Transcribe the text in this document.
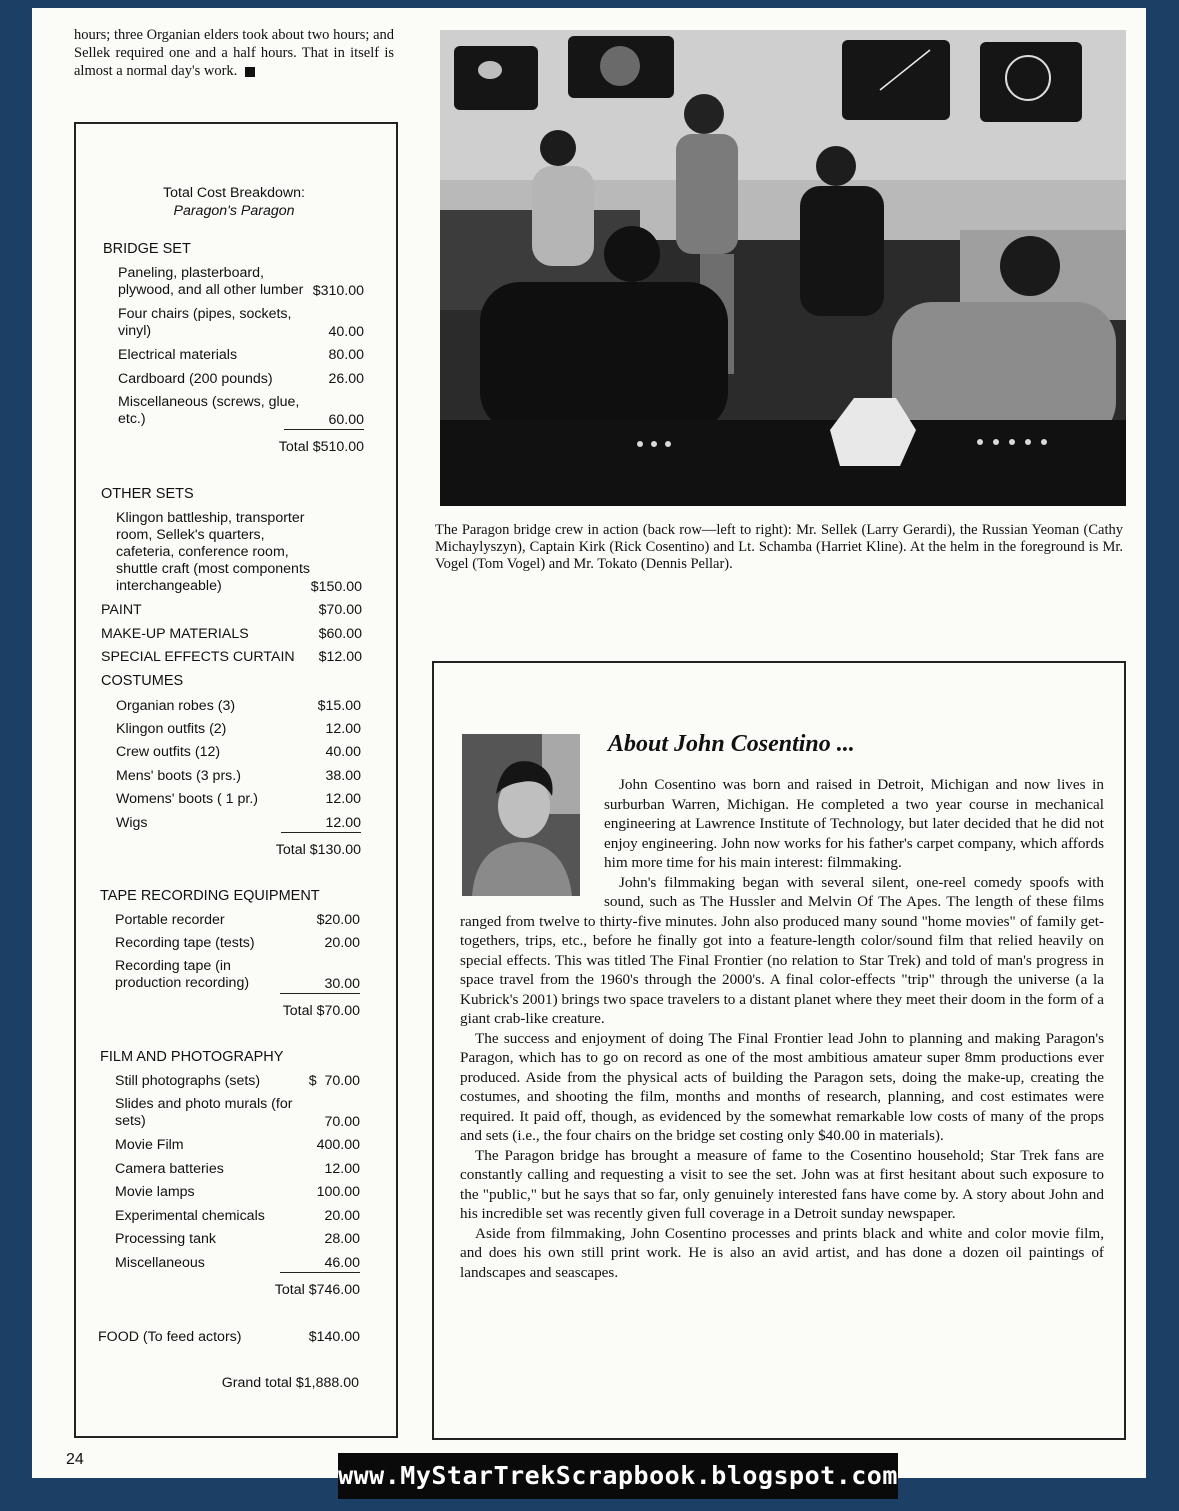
hours; three Organian elders took about two hours; and Sellek required one and a half hours. That in itself is almost a normal day's work.
Total Cost Breakdown:
Paragon's Paragon
BRIDGE SET
Paneling, plasterboard, plywood, and all other lumber $310.00
Four chairs (pipes, sockets, vinyl)	40.00
Electrical materials	80.00
Cardboard (200 pounds)	26.00
Miscellaneous (screws, glue, etc.)	60.00
Total $510.00
OTHER SETS
Klingon battleship, transporter room, Sellek's quarters, cafeteria, conference room, shuttle craft (most components interchangeable)	$150.00
PAINT	$70.00
MAKE-UP MATERIALS	$60.00
SPECIAL EFFECTS CURTAIN	$12.00
COSTUMES
Organian robes (3)	$15.00
Klingon outfits (2)	12.00
Crew outfits (12)	40.00
Mens' boots (3 prs.)	38.00
Womens' boots ( 1 pr.)	12.00
Wigs	12.00
Total $130.00
TAPE RECORDING EQUIPMENT
Portable recorder	$20.00
Recording tape (tests)	20.00
Recording tape (in production recording)	30.00
Total $70.00
FILM AND PHOTOGRAPHY
Still photographs (sets)	$  70.00
Slides and photo murals (for sets)	70.00
Movie Film	400.00
Camera batteries	12.00
Movie lamps	100.00
Experimental chemicals	20.00
Processing tank	28.00
Miscellaneous	46.00
Total $746.00
FOOD (To feed actors)	$140.00
Grand total $1,888.00
The Paragon bridge crew in action (back row—left to right): Mr. Sellek (Larry Gerardi), the Russian Yeoman (Cathy Michaylyszyn), Captain Kirk (Rick Cosentino) and Lt. Schamba (Harriet Kline). At the helm in the foreground is Mr. Vogel (Tom Vogel) and Mr. Tokato (Dennis Pellar).
About John Cosentino ...

John Cosentino was born and raised in Detroit, Michigan and now lives in surburban Warren, Michigan. He completed a two year course in mechanical engineering at Lawrence Institute of Technology, but later decided that he did not enjoy engineering. John now works for his father's carpet company, which affords him more time for his main interest: filmmaking.

John's filmmaking began with several silent, one-reel comedy spoofs with sound, such as The Hussler and Melvin Of The Apes. The length of these films ranged from twelve to thirty-five minutes. John also produced many sound "home movies" of family get-togethers, trips, etc., before he finally got into a feature-length color/sound film that relied heavily on special effects. This was titled The Final Frontier (no relation to Star Trek) and told of man's progress in space travel from the 1960's through the 2000's. A final color-effects "trip" through the universe (a la Kubrick's 2001) brings two space travelers to a distant planet where they meet their doom in the form of a giant crab-like creature.

The success and enjoyment of doing The Final Frontier lead John to planning and making Paragon's Paragon, which has to go on record as one of the most ambitious amateur super 8mm productions ever produced. Aside from the physical acts of building the Paragon sets, doing the make-up, creating the costumes, and shooting the film, months and months of research, planning, and cost estimates were required. It paid off, though, as evidenced by the somewhat remarkable low costs of many of the props and sets (i.e., the four chairs on the bridge set costing only $40.00 in materials).

The Paragon bridge has brought a measure of fame to the Cosentino household; Star Trek fans are constantly calling and requesting a visit to see the set. John was at first hesitant about such exposure to the "public," but he says that so far, only genuinely interested fans have come by. A story about John and his incredible set was recently given full coverage in a Detroit sunday newspaper.

Aside from filmmaking, John Cosentino processes and prints black and white and color movie film, and does his own still print work. He is also an avid artist, and has done a dozen oil paintings of landscapes and seascapes.

24
www.MyStarTrekScrapbook.blogspot.com
